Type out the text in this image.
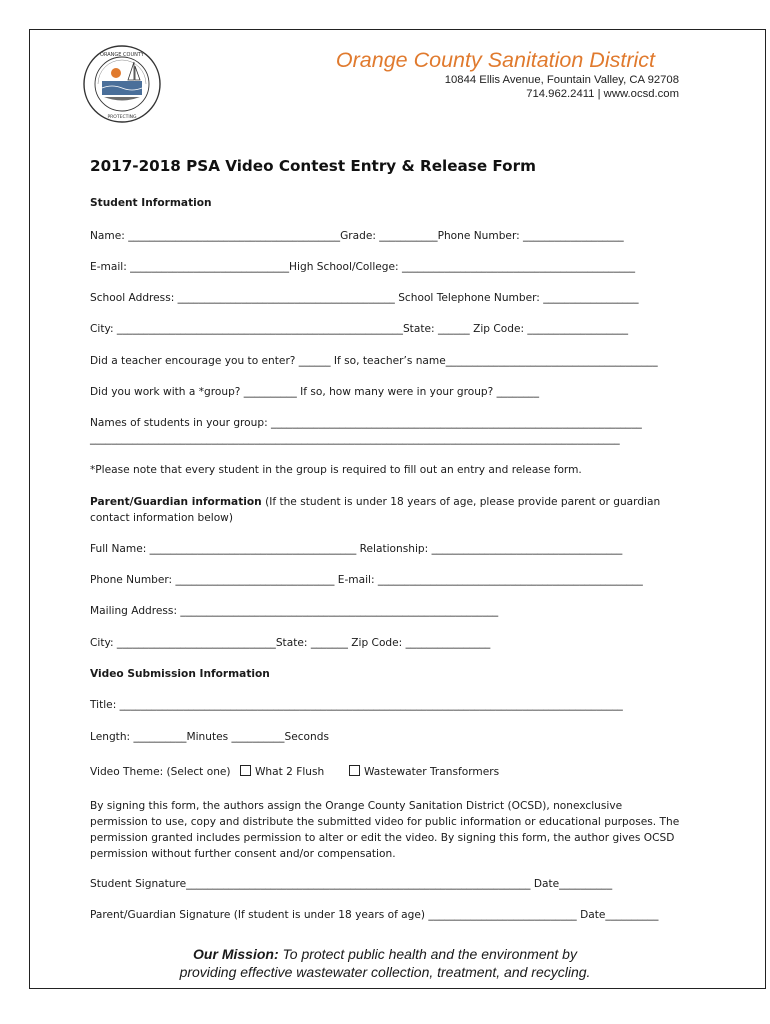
ORANGE COUNTY
PROTECTING
Orange County Sanitation District
10844 Ellis Avenue, Fountain Valley, CA 92708
714.962.2411 | www.ocsd.com
2017-2018 PSA Video Contest Entry & Release Form
Student Information
Name: ________________________________________Grade: ___________Phone Number: ___________________
E-mail: ______________________________High School/College: ____________________________________________
School Address: _________________________________________ School Telephone Number: __________________
City: ______________________________________________________State: ______ Zip Code: ___________________
Did a teacher encourage you to enter? ______ If so, teacher’s name________________________________________
Did you work with a *group? __________ If so, how many were in your group? ________
Names of students in your group: ______________________________________________________________________
____________________________________________________________________________________________________
*Please note that every student in the group is required to fill out an entry and release form.
Parent/Guardian information (If the student is under 18 years of age, please provide parent or guardian contact information below)
Full Name: _______________________________________ Relationship: ____________________________________
Phone Number: ______________________________ E-mail: __________________________________________________
Mailing Address: ____________________________________________________________
City: ______________________________State: _______ Zip Code: ________________
Video Submission Information
Title: _______________________________________________________________________________________________
Length: __________Minutes __________Seconds
Video Theme: (Select one) What 2 Flush	Wastewater Transformers
By signing this form, the authors assign the Orange County Sanitation District (OCSD), nonexclusive permission to use, copy and distribute the submitted video for public information or educational purposes. The permission granted includes permission to alter or edit the video. By signing this form, the author gives OCSD permission without further consent and/or compensation.
Student Signature_________________________________________________________________ Date__________
Parent/Guardian Signature (If student is under 18 years of age) ____________________________ Date__________
Our Mission: To protect public health and the environment by
providing effective wastewater collection, treatment, and recycling.
